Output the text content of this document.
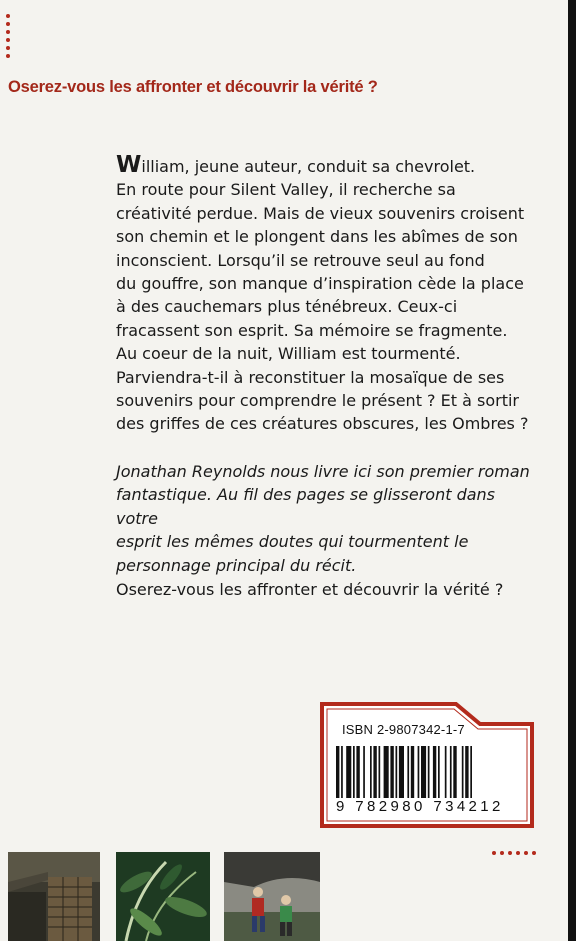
Oserez-vous les affronter et découvrir la vérité ?
William, jeune auteur, conduit sa chevrolet.
En route pour Silent Valley, il recherche sa
créativité perdue. Mais de vieux souvenirs croisent
son chemin et le plongent dans les abîmes de son
inconscient. Lorsqu’il se retrouve seul au fond
du gouffre, son manque d’inspiration cède la place
à des cauchemars plus ténébreux. Ceux-ci
fracassent son esprit. Sa mémoire se fragmente.
Au coeur de la nuit, William est tourmenté.
Parviendra-t-il à reconstituer la mosaïque de ses
souvenirs pour comprendre le présent ? Et à sortir
des griffes de ces créatures obscures, les Ombres ?
Jonathan Reynolds nous livre ici son premier roman
fantastique. Au fil des pages se glisseront dans votre
esprit les mêmes doutes qui tourmentent le
personnage principal du récit.
Oserez-vous les affronter et découvrir la vérité ?
ISBN 2-9807342-1-7
9 782980 734212
